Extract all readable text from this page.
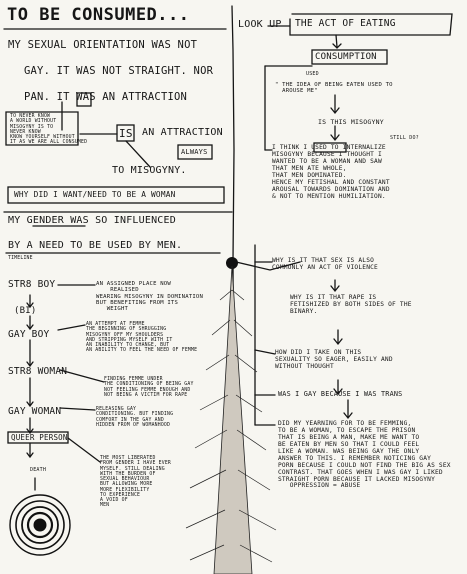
TO BE CONSUMED...
MY SEXUAL ORIENTATION WAS NOT
GAY. IT WAS NOT STRAIGHT. NOR
PAN. IT WAS AN ATTRACTION
TO NEVER KNOW
A WORLD WITHOUT
MISOGYNY IS TO
NEVER KNOW
KNOW YOURSELF WITHOUT
IT AS WE ARE ALL CONSUMED
IS AN ATTRACTION
ALWAYS
TO MISOGYNY.
WHY DID I WANT/NEED TO BE A WOMAN
MY GENDER WAS SO INFLUENCED
BY A NEED TO BE USED BY MEN.
TIMELINE
STR8 BOY
(BI)
GAY BOY
STR8 WOMAN
GAY WOMAN
QUEER PERSON
DEATH
AN ASSIGNED PLACE NOW
REALISED
WEARING MISOGYNY IN DOMINATION
BUT BENEFITING FROM ITS
WEIGHT
AN ATTEMPT AT FEMME
THE BEGINNING OF SHRUGGING
MISOGYNY OFF MY SHOULDERS
AND STRIPPING MYSELF WITH IT
AN INABILITY TO CHANGE, BUT
AN ABILITY TO FEEL THE NEED OF FEMME
FINDING FEMME UNDER
THE CONDITIONING OF BEING GAY
NOT FEELING FEMME ENOUGH AND
NOT BEING A VICTIM FOR RAPE
RELEASING GAY
CONDITIONING. BUT FINDING
COMFORT IN THE GAY AND
HIDDEN FROM OF WOMANHOOD
THE MOST LIBERATED
FROM GENDER I HAVE EVER
MYSELF. STILL DEALING
WITH THE BURDEN OF
SEXUAL BEHAVIOUR
BUT ALLOWING MORE
MORE FLEXIBILITY
TO EXPERIENCE
A VOID OF
MEN
LOOK UP THE ACT OF EATING
CONSUMPTION
USED
" THE IDEA OF BEING EATEN USED TO
AROUSE ME"
IS THIS MISOGYNY
STILL DO?
I THINK I USED TO INTERNALIZE
MISOGYNY BECAUSE I THOUGHT I
WANTED TO BE A WOMAN AND SAW
THAT MEN ATE WHOLE,
THAT MEN DOMINATED.
HENCE MY FETISHAL AND CONSTANT
AROUSAL TOWARDS DOMINATION AND
& NOT TO MENTION HUMILIATION.
WHY IS IT THAT SEX IS ALSO
COMMONLY AN ACT OF VIOLENCE
WHY IS IT THAT RAPE IS
FETISHIZED BY BOTH SIDES OF THE
BINARY.
HOW DID I TAKE ON THIS
SEXUALITY SO EAGER, EASILY AND
WITHOUT THOUGHT
WAS I GAY BECAUSE I WAS TRANS
DID MY YEARNING FOR TO BE FEMMING,
TO BE A WOMAN, TO ESCAPE THE PRISON
THAT IS BEING A MAN, MAKE ME WANT TO
BE EATEN BY MEN SO THAT I COULD FEEL
LIKE A WOMAN. WAS BEING GAY THE ONLY
ANSWER TO THIS. I REMEMBER NOTICING GAY
PORN BECAUSE I COULD NOT FIND THE BIG AS SEX
CONTRAST. THAT GOES WHEN I WAS GAY I LIKED
STRAIGHT PORN BECAUSE IT LACKED MISOGYNY
OPPRESSION = ABUSE
